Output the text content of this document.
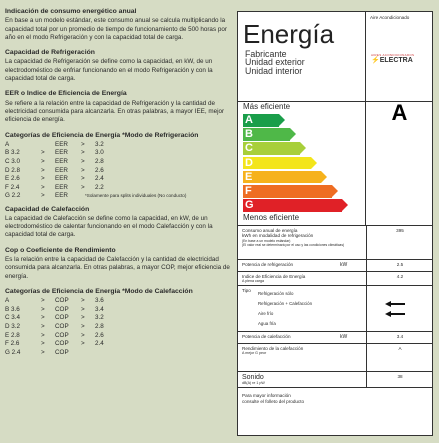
Indicación de consumo energético anual

En base a un modelo estándar, este consumo anual se calcula multiplicando la capacidad total por un promedio de tiempo de funcionamiento de 500 horas por año en el modo Refrigeración y con la capacidad total de carga.

Capacidad de Refrigeración

La capacidad de Refrigeración se define como la capacidad, en kW, de un electrodoméstico de enfriar funcionando en el modo Refrigeración y con la capacidad total de carga.

EER o Indice de Eficiencia de Energía

Se refiere a la relación entre la capacidad de Refrigeración y la cantidad de electricidad consumida para alcanzarla. En otras palabras, a mayor IEE, mejor eficiencia de energía.

Categorías de Eficiencia de Energía *Modo de Refrigeración
A		EER	>	3.2
B 3.2	>	EER	>	3.0
C 3.0	>	EER	>	2.8
D 2.8	>	EER	>	2.6
E 2.6	>	EER	>	2.4
F 2.4	>	EER	>	2.2
G 2.2	>	EER			*Solamente para splits individuales (No conducto)
Capacidad de Calefacción

La capacidad de Calefacción se define como la capacidad, en kW, de un electrodoméstico de calentar funcionando en el modo Calefacción y con la capacidad total de carga.

Cop o Coeficiente de Rendimiento

Es la relación entre la capacidad de Calefacción y la cantidad de electricidad consumida para alcanzarla. En otras palabras, a mayor COP, mejor eficiencia de energía.

Categorías de Eficiencia de Energía *Modo de Calefacción
A	>	COP	>	3.6
B 3.6	>	COP	>	3.4
C 3.4	>	COP	>	3.2
D 3.2	>	COP	>	2.8
E 2.8	>	COP	>	2.6
F 2.6	>	COP	>	2.4
G 2.4	>	COP		
Energía
Fabricante
Unidad exterior
Unidad interior
Aire Acondicionado
AIRES ACONDICIONADOS
⚡ELECTRA
Más eficiente
Menos eficiente
A
B
C
D
E
F
G
A
Consumo anual de energía
kWh en modalidad de refrigeración
(En base a un modelo estándar)
(El valor real se determinará por el uso y las condiciones climáticas)
395
Potencia de refrigeración	kW	2.5
Indice de Eficiencia de Energía
A plena carga
4.2
Tipo
Refrigeración sólo
Refrigeración + Calefacción
Aire frío
Agua fría
Potencia de calefacción	kW	3.4
Rendimiento de la calefacción
A mejor G peor
A
Sonido
dB(A) re 1 pW
38
Para mayor información
consulte el folleto del producto
